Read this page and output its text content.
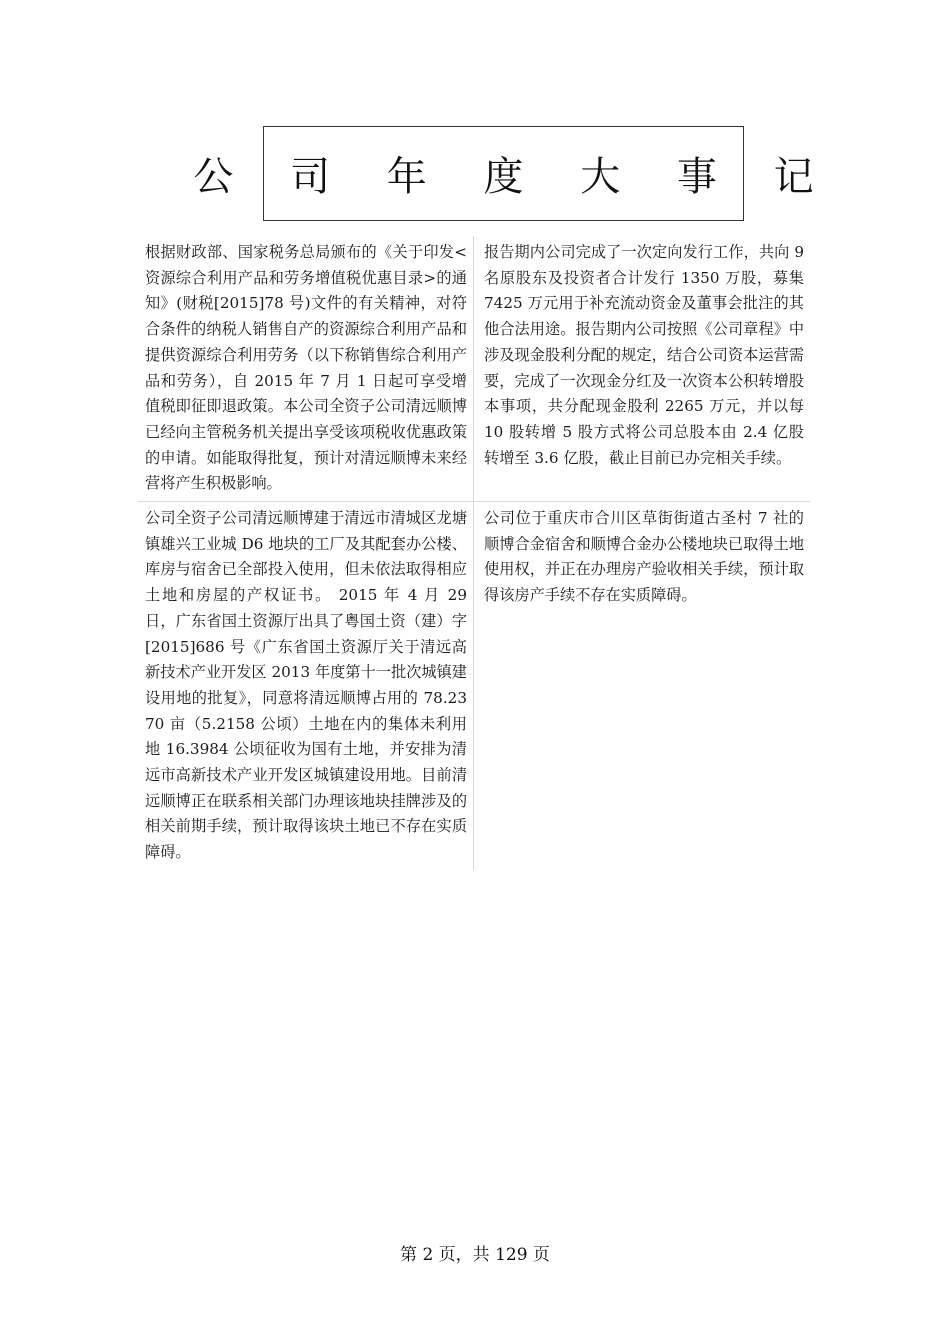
公 司 年 度 大 事 记
根据财政部、国家税务总局颁布的《关于印发<资源综合利用产品和劳务增值税优惠目录>的通知》(财税[2015]78 号)文件的有关精神，对符合条件的纳税人销售自产的资源综合利用产品和提供资源综合利用劳务（以下称销售综合利用产品和劳务），自 2015 年 7 月 1 日起可享受增值税即征即退政策。本公司全资子公司清远顺博已经向主管税务机关提出享受该项税收优惠政策的申请。如能取得批复，预计对清远顺博未来经营将产生积极影响。
报告期内公司完成了一次定向发行工作，共向 9 名原股东及投资者合计发行 1350 万股，募集 7425 万元用于补充流动资金及董事会批注的其他合法用途。报告期内公司按照《公司章程》中涉及现金股利分配的规定，结合公司资本运营需要，完成了一次现金分红及一次资本公积转增股本事项，共分配现金股利 2265 万元，并以每 10 股转增 5 股方式将公司总股本由 2.4 亿股转增至 3.6 亿股，截止目前已办完相关手续。
公司全资子公司清远顺博建于清远市清城区龙塘镇雄兴工业城 D6 地块的工厂及其配套办公楼、库房与宿舍已全部投入使用，但未依法取得相应土地和房屋的产权证书。 2015 年 4 月 29 日，广东省国土资源厅出具了粤国土资（建）字[2015]686 号《广东省国土资源厅关于清远高新技术产业开发区 2013 年度第十一批次城镇建设用地的批复》，同意将清远顺博占用的 78.2370 亩（5.2158 公顷）土地在内的集体未利用地 16.3984 公顷征收为国有土地，并安排为清远市高新技术产业开发区城镇建设用地。目前清远顺博正在联系相关部门办理该地块挂牌涉及的相关前期手续，预计取得该块土地已不存在实质障碍。
公司位于重庆市合川区草街街道古圣村 7 社的顺博合金宿舍和顺博合金办公楼地块已取得土地使用权，并正在办理房产验收相关手续，预计取得该房产手续不存在实质障碍。
第 2 页，共 129 页
